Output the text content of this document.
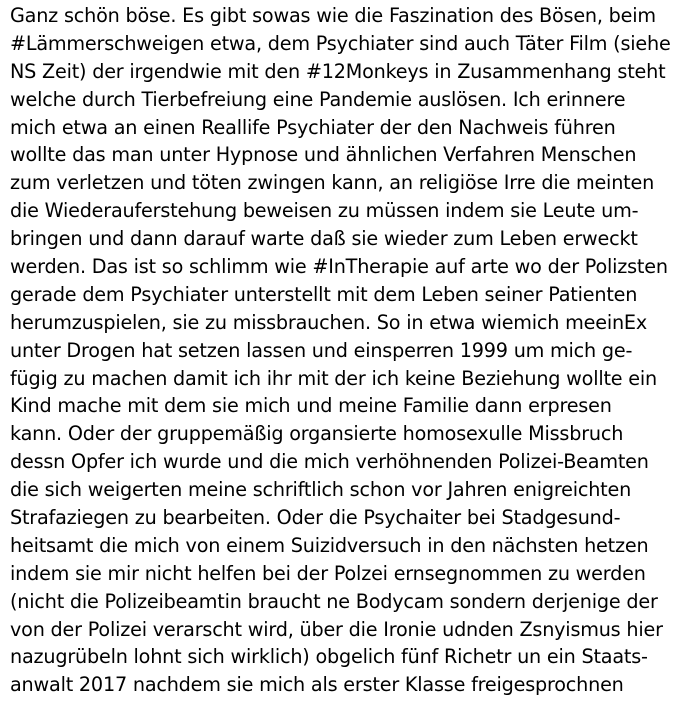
Ganz schön böse. Es gibt sowas wie die Faszination des Bösen, beim
#Lämmerschweigen etwa, dem Psychiater sind auch Täter Film (siehe
NS Zeit) der irgendwie mit den #12Monkeys in Zusammenhang steht
welche durch Tierbefreiung eine Pandemie auslösen. Ich erinnere
mich etwa an einen Reallife Psychiater der den Nachweis führen
wollte das man unter Hypnose und ähnlichen Verfahren Menschen
zum verletzen und töten zwingen kann, an religiöse Irre die meinten
die Wiederauferstehung beweisen zu müssen indem sie Leute um-
bringen und dann darauf warte daß sie wieder zum Leben erweckt
werden. Das ist so schlimm wie #InTherapie auf arte wo der Polizsten
gerade dem Psychiater unterstellt mit dem Leben seiner Patienten
herumzuspielen, sie zu missbrauchen. So in etwa wiemich meeinEx
unter Drogen hat setzen lassen und einsperren 1999 um mich ge-
fügig zu machen damit ich ihr mit der ich keine Beziehung wollte ein
Kind mache mit dem sie mich und meine Familie dann erpresen
kann. Oder der gruppemäßig organsierte homosexulle Missbruch
dessn Opfer ich wurde und die mich verhöhnenden Polizei-Beamten
die sich weigerten meine schriftlich schon vor Jahren enigreichten
Strafaziegen zu bearbeiten. Oder die Psychaiter bei Stadgesund-
heitsamt die mich von einem Suizidversuch in den nächsten hetzen
indem sie mir nicht helfen bei der Polzei ernsegnommen zu werden
(nicht die Polizeibeamtin braucht ne Bodycam sondern derjenige der
von der Polizei verarscht wird, über die Ironie udnden Zsnyismus hier
nazugrübeln lohnt sich wirklich) obgelich fünf Richetr un ein Staats-
anwalt 2017 nachdem sie mich als erster Klasse freigesprochnen
